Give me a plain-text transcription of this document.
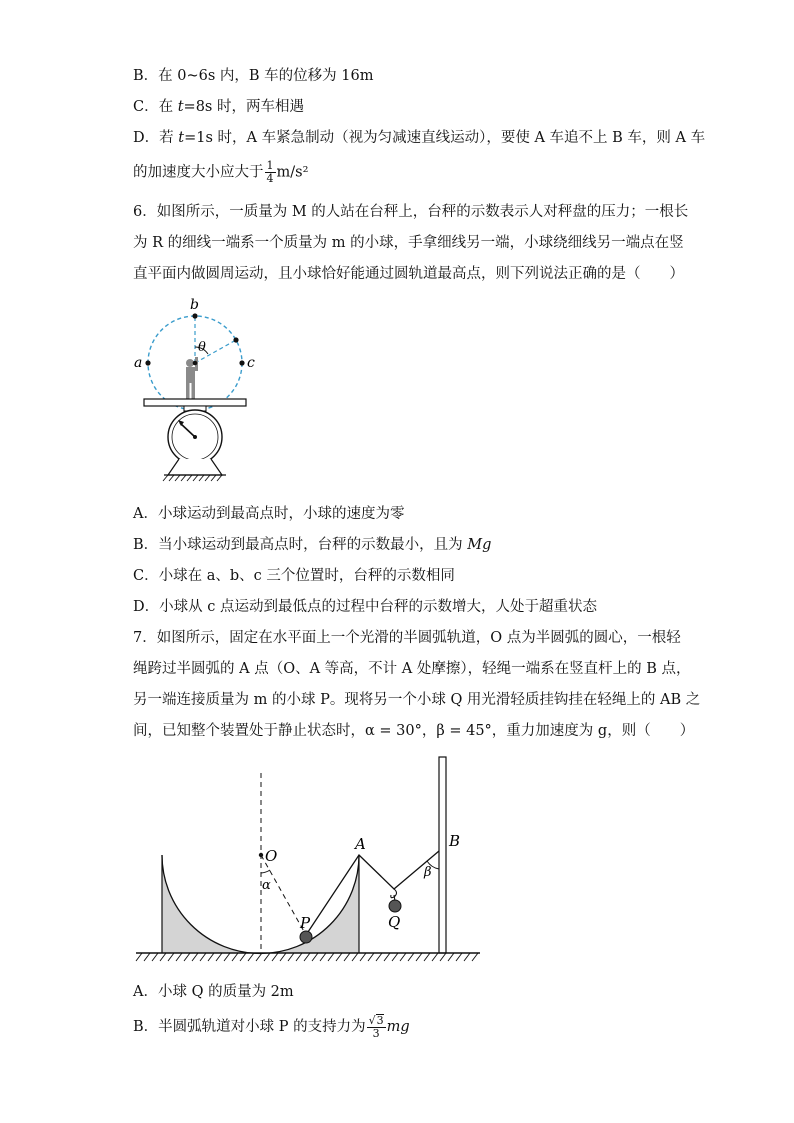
B．在 0~6s 内，B 车的位移为 16m
C．在 t=8s 时，两车相遇
D．若 t=1s 时，A 车紧急制动（视为匀减速直线运动），要使 A 车追不上 B 车，则 A 车
的加速度大小应大于 $\frac{1}{4} m/s^2$
6．如图所示，一质量为 M 的人站在台秤上，台秤的示数表示人对秤盘的压力；一根长
为 R 的细线一端系一个质量为 m 的小球，手拿细线另一端，小球绕细线另一端点在竖
直平面内做圆周运动，且小球恰好能通过圆轨道最高点，则下列说法正确的是（　　）
b
a	c
θ
A．小球运动到最高点时，小球的速度为零
B．当小球运动到最高点时，台秤的示数最小，且为 Mg
C．小球在 a、b、c 三个位置时，台秤的示数相同
D．小球从 c 点运动到最低点的过程中台秤的示数增大，人处于超重状态
7．如图所示，固定在水平面上一个光滑的半圆弧轨道，O 点为半圆弧的圆心，一根轻
绳跨过半圆弧的 A 点（O、A 等高，不计 A 处摩擦），轻绳一端系在竖直杆上的 B 点，
另一端连接质量为 m 的小球 P。现将另一个小球 Q 用光滑轻质挂钩挂在轻绳上的 AB 之
间，已知整个装置处于静止状态时，α = 30°，β = 45°，重力加速度为 g，则（　　）
O
A	B
P	Q
α
β
A．小球 Q 的质量为 2m
B．半圆弧轨道对小球 P 的支持力为 $\frac{√3}{3}$ mg
